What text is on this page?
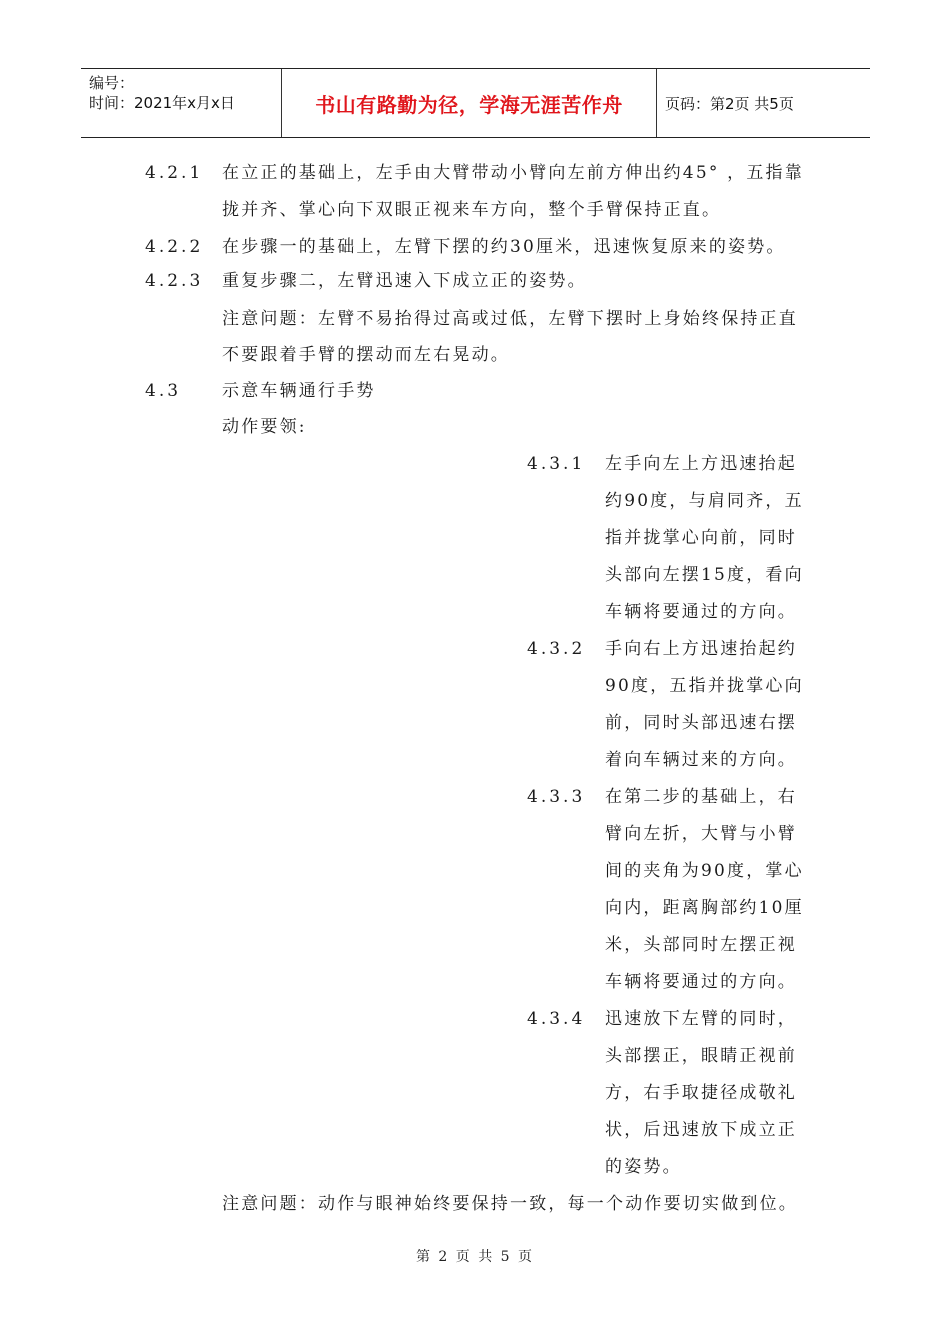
编号：
时间：2021年x月x日	书山有路勤为径，学海无涯苦作舟	页码：第2页 共5页
4.2.1 在立正的基础上，左手由大臂带动小臂向左前方伸出约45° ，五指靠
拢并齐、掌心向下双眼正视来车方向，整个手臂保持正直。
4.2.2 在步骤一的基础上，左臂下摆的约30厘米，迅速恢复原来的姿势。
4.2.3 重复步骤二，左臂迅速入下成立正的姿势。
注意问题：左臂不易抬得过高或过低，左臂下摆时上身始终保持正直
不要跟着手臂的摆动而左右晃动。
4.3 示意车辆通行手势
动作要领:
4.3.1 左手向左上方迅速抬起
约90度，与肩同齐，五
指并拢掌心向前，同时
头部向左摆15度，看向
车辆将要通过的方向。
4.3.2 手向右上方迅速抬起约
90度，五指并拢掌心向
前，同时头部迅速右摆
着向车辆过来的方向。
4.3.3 在第二步的基础上，右
臂向左折，大臂与小臂
间的夹角为90度，掌心
向内，距离胸部约10厘
米，头部同时左摆正视
车辆将要通过的方向。
4.3.4 迅速放下左臂的同时，
头部摆正，眼睛正视前
方，右手取捷径成敬礼
状，后迅速放下成立正
的姿势。
注意问题：动作与眼神始终要保持一致，每一个动作要切实做到位。
第 2 页 共 5 页
